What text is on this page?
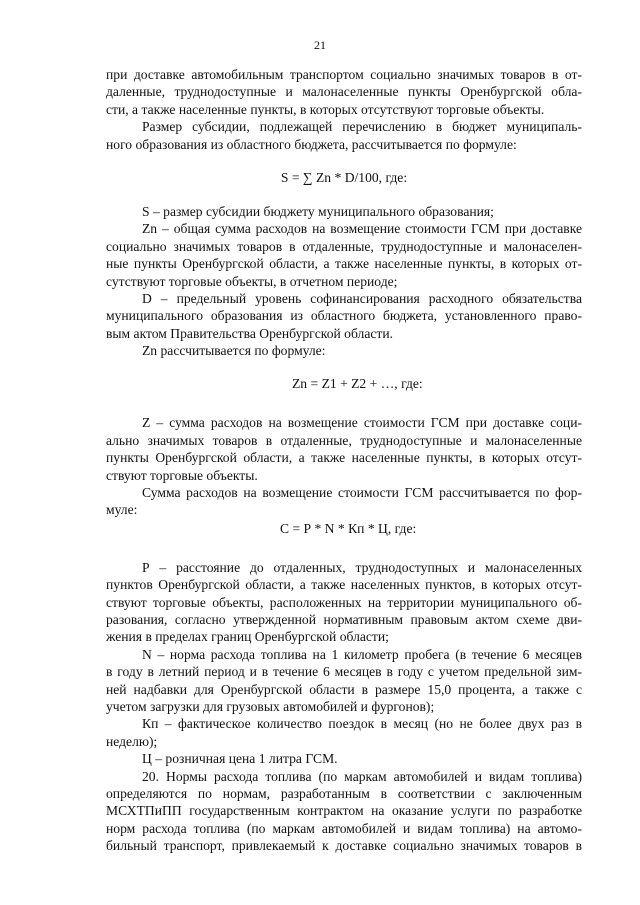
21
при доставке автомобильным транспортом социально значимых товаров в от-
даленные, труднодоступные и малонаселенные пункты Оренбургской обла-
сти, а также населенные пункты, в которых отсутствуют торговые объекты.
Размер субсидии, подлежащей перечислению в бюджет муниципаль-
ного образования из областного бюджета, рассчитывается по формуле:
S = ∑ Zn * D/100, где:
S – размер субсидии бюджету муниципального образования;
Zn – общая сумма расходов на возмещение стоимости ГСМ при доставке
социально значимых товаров в отдаленные, труднодоступные и малонаселен-
ные пункты Оренбургской области, а также населенные пункты, в которых от-
сутствуют торговые объекты, в отчетном периоде;
D – предельный уровень софинансирования расходного обязательства
муниципального образования из областного бюджета, установленного право-
вым актом Правительства Оренбургской области.
Zn рассчитывается по формуле:
Zn = Z1 + Z2 + …, где:
Z – сумма расходов на возмещение стоимости ГСМ при доставке соци-
ально значимых товаров в отдаленные, труднодоступные и малонаселенные
пункты Оренбургской области, а также населенные пункты, в которых отсут-
ствуют торговые объекты.
Сумма расходов на возмещение стоимости ГСМ рассчитывается по фор-
муле:
С = Р * N * Кп * Ц, где:
Р – расстояние до отдаленных, труднодоступных и малонаселенных
пунктов Оренбургской области, а также населенных пунктов, в которых отсут-
ствуют торговые объекты, расположенных на территории муниципального об-
разования, согласно утвержденной нормативным правовым актом схеме дви-
жения в пределах границ Оренбургской области;
N – норма расхода топлива на 1 километр пробега (в течение 6 месяцев
в году в летний период и в течение 6 месяцев в году с учетом предельной зим-
ней надбавки для Оренбургской области в размере 15,0 процента, а также с
учетом загрузки для грузовых автомобилей и фургонов);
Кп – фактическое количество поездок в месяц (но не более двух раз в
неделю);
Ц – розничная цена 1 литра ГСМ.
20. Нормы расхода топлива (по маркам автомобилей и видам топлива)
определяются по нормам, разработанным в соответствии с заключенным
МСХТПиПП государственным контрактом на оказание услуги по разработке
норм расхода топлива (по маркам автомобилей и видам топлива) на автомо-
бильный транспорт, привлекаемый к доставке социально значимых товаров в
